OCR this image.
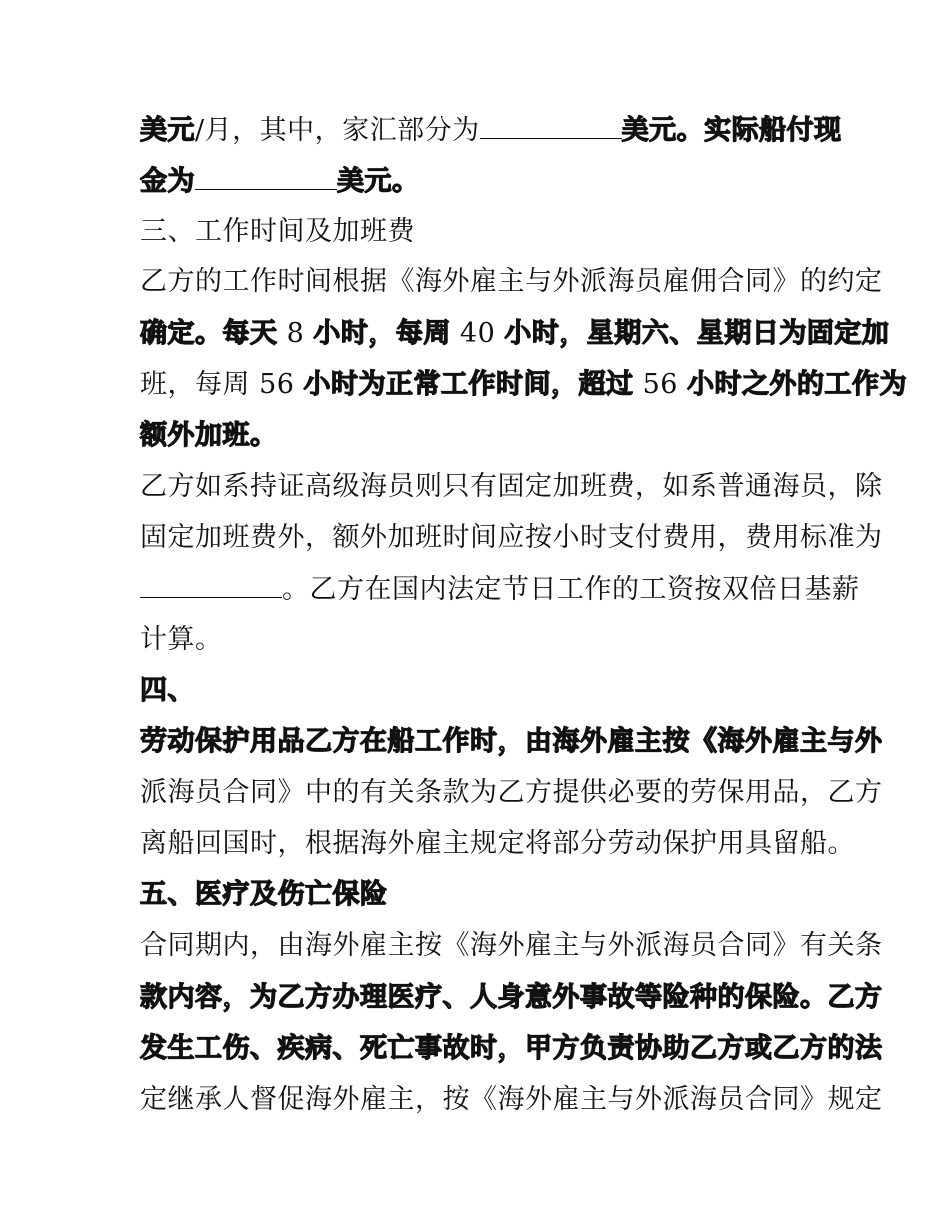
美元/月，其中，家汇部分为	美元。实际船付现
金为	美元。
三、工作时间及加班费
乙方的工作时间根据《海外雇主与外派海员雇佣合同》的约定
确定。每天 8 小时，每周 40 小时，星期六、星期日为固定加
班，每周 56 小时为正常工作时间，超过 56 小时之外的工作为
额外加班。
乙方如系持证高级海员则只有固定加班费，如系普通海员，除
固定加班费外，额外加班时间应按小时支付费用，费用标准为
。乙方在国内法定节日工作的工资按双倍日基薪
计算。
四、
劳动保护用品乙方在船工作时，由海外雇主按《海外雇主与外
派海员合同》中的有关条款为乙方提供必要的劳保用品，乙方
离船回国时，根据海外雇主规定将部分劳动保护用具留船。
五、医疗及伤亡保险
合同期内，由海外雇主按《海外雇主与外派海员合同》有关条
款内容，为乙方办理医疗、人身意外事故等险种的保险。乙方
发生工伤、疾病、死亡事故时，甲方负责协助乙方或乙方的法
定继承人督促海外雇主，按《海外雇主与外派海员合同》规定
